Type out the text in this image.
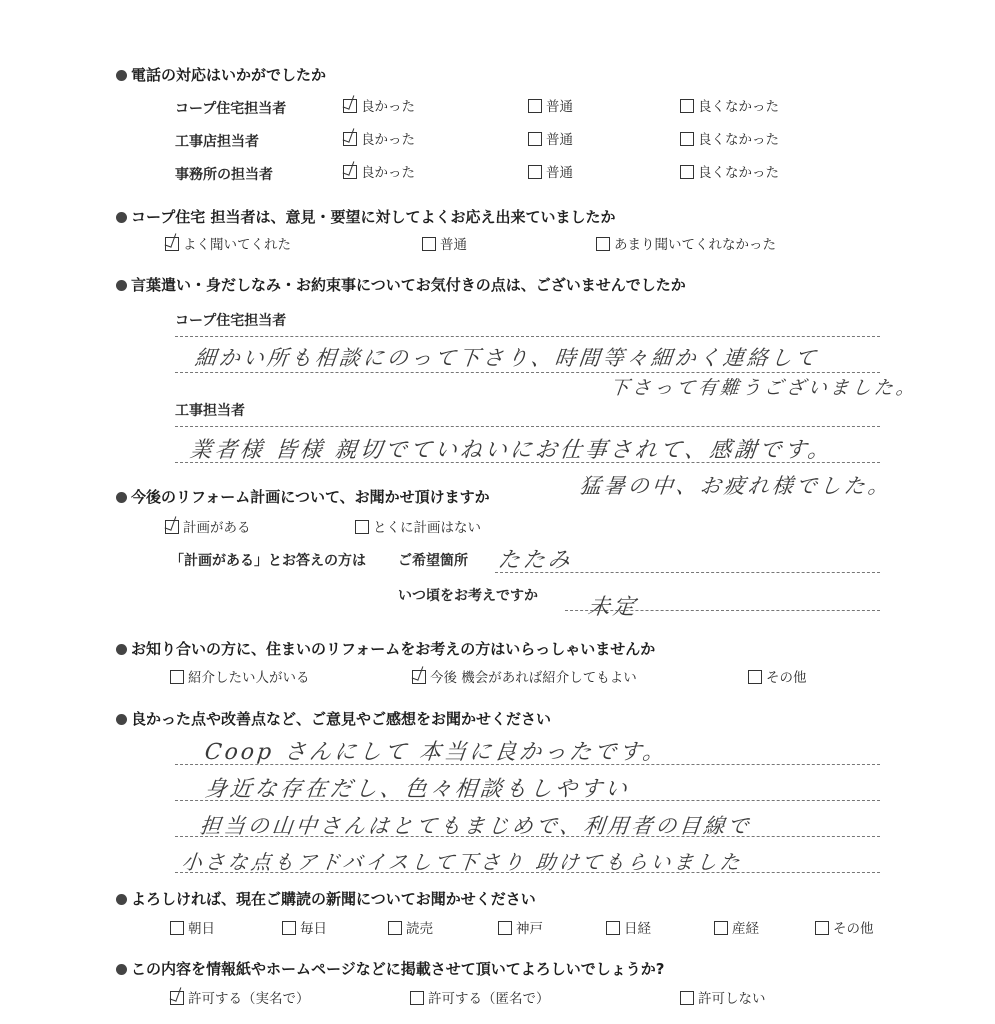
電話の対応はいかがでしたか
コープ住宅担当者	良かった	普通	良くなかった
工事店担当者	良かった	普通	良くなかった
事務所の担当者	良かった	普通	良くなかった
コープ住宅 担当者は、意見・要望に対してよくお応え出来ていましたか
よく聞いてくれた	普通	あまり聞いてくれなかった
言葉遣い・身だしなみ・お約束事についてお気付きの点は、ございませんでしたか
コープ住宅担当者
細かい所も相談にのって下さり、時間等々細かく連絡して
下さって有難うございました。
工事担当者
業者様 皆様 親切でていねいにお仕事されて、感謝です。
猛暑の中、お疲れ様でした。
今後のリフォーム計画について、お聞かせ頂けますか
計画がある	とくに計画はない
「計画がある」とお答えの方は ご希望箇所 たたみ
いつ頃をお考えですか 未定
お知り合いの方に、住まいのリフォームをお考えの方はいらっしゃいませんか
紹介したい人がいる	今後 機会があれば紹介してもよい	その他
良かった点や改善点など、ご意見やご感想をお聞かせください
Coop さんにして 本当に良かったです。
身近な存在だし、色々相談もしやすい
担当の山中さんはとてもまじめで、利用者の目線で
小さな点もアドバイスして下さり 助けてもらいました
よろしければ、現在ご購読の新聞についてお聞かせください
朝日	毎日	読売	神戸	日経	産経	その他
この内容を情報紙やホームページなどに掲載させて頂いてよろしいでしょうか?
許可する（実名で）	許可する（匿名で）	許可しない
